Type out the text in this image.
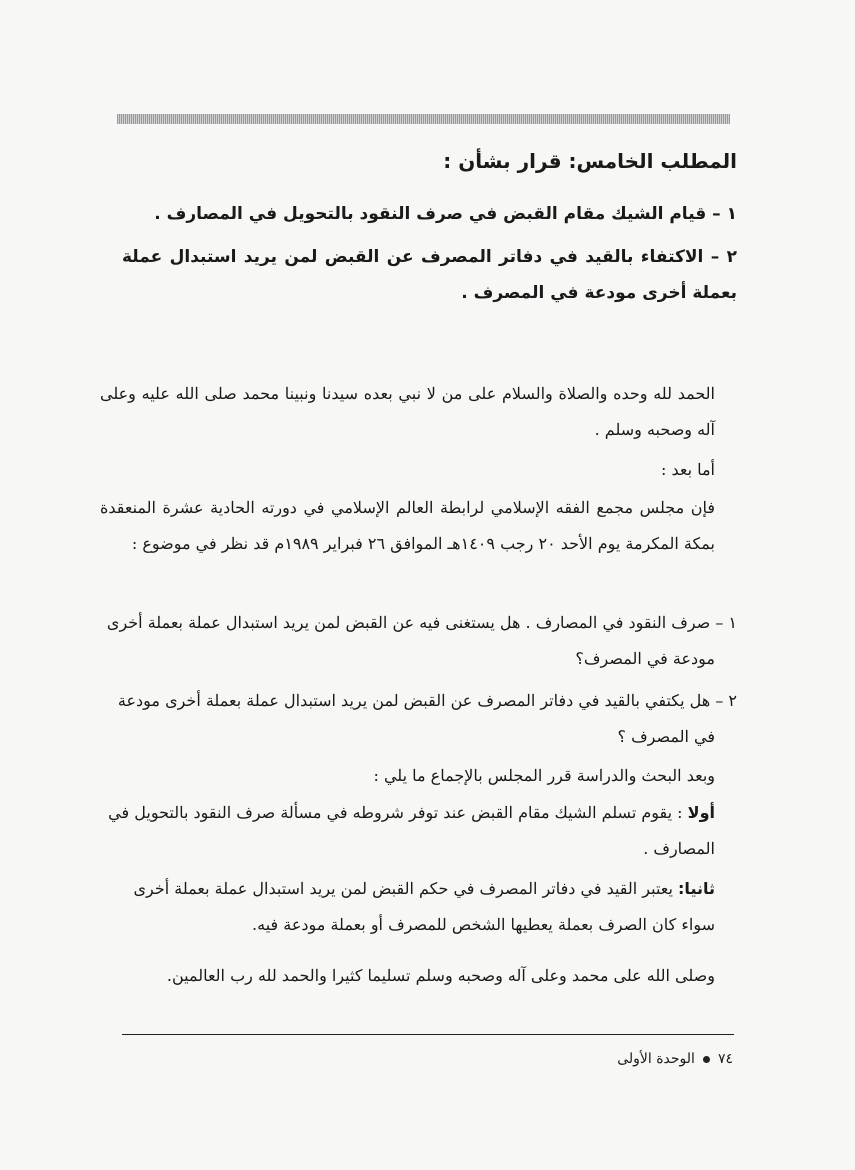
المطلب الخامس: قرار بشأن :
١ – قيام الشيك مقام القبض في صرف النقود بالتحويل في المصارف .
٢ – الاكتفاء بالقيد في دفاتر المصرف عن القبض لمن يريد استبدال عملة بعملة أخرى مودعة في المصرف .
الحمد لله وحده والصلاة والسلام على من لا نبي بعده سيدنا ونبينا محمد صلى الله عليه وعلى آله وصحبه وسلم .
أما بعد :
فإن مجلس مجمع الفقه الإسلامي لرابطة العالم الإسلامي في دورته الحادية عشرة المنعقدة بمكة المكرمة يوم الأحد ٢٠ رجب ١٤٠٩هـ الموافق ٢٦ فبراير ١٩٨٩م قد نظر في موضوع :
١ – صرف النقود في المصارف . هل يستغنى فيه عن القبض لمن يريد استبدال عملة بعملة أخرى مودعة في المصرف؟
٢ – هل يكتفي بالقيد في دفاتر المصرف عن القبض لمن يريد استبدال عملة بعملة أخرى مودعة في المصرف ؟
وبعد البحث والدراسة قرر المجلس بالإجماع ما يلي :
أولا : يقوم تسلم الشيك مقام القبض عند توفر شروطه في مسألة صرف النقود بالتحويل في المصارف .
ثانيا: يعتبر القيد في دفاتر المصرف في حكم القبض لمن يريد استبدال عملة بعملة أخرى سواء كان الصرف بعملة يعطيها الشخص للمصرف أو بعملة مودعة فيه.
وصلى الله على محمد وعلى آله وصحبه وسلم تسليما كثيرا والحمد لله رب العالمين.
٧٤الوحدة الأولى
